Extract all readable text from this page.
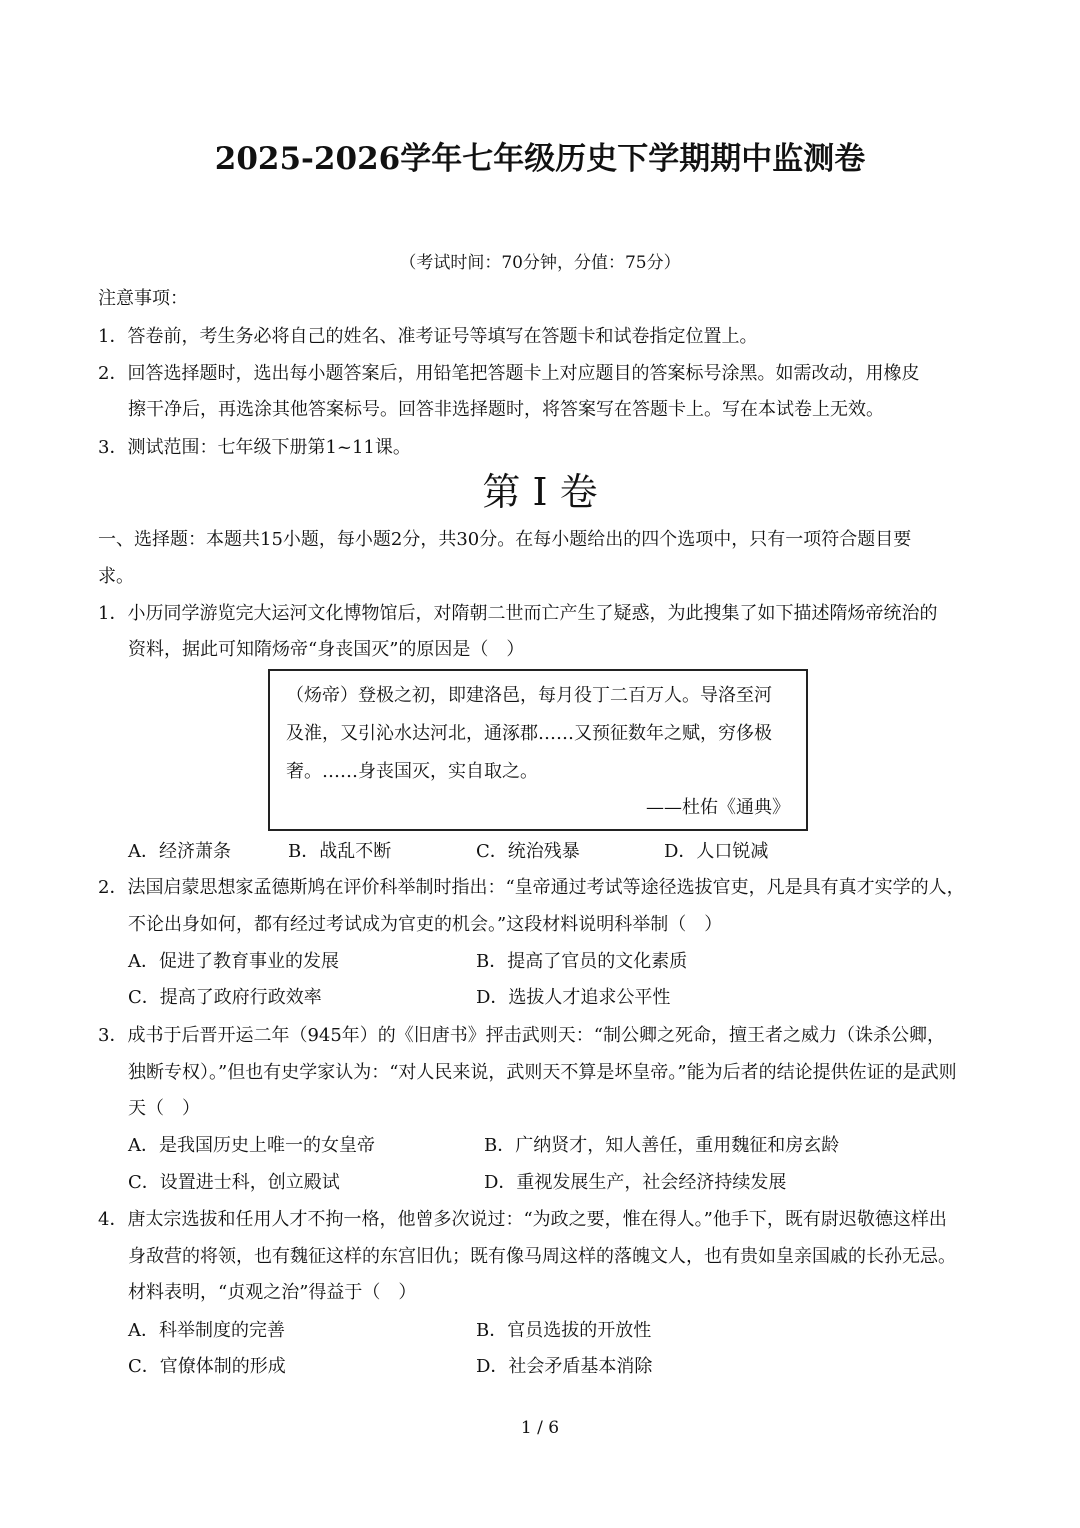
2025-2026学年七年级历史下学期期中监测卷
（考试时间：70分钟，分值：75分）
注意事项：
1．答卷前，考生务必将自己的姓名、准考证号等填写在答题卡和试卷指定位置上。
2．回答选择题时，选出每小题答案后，用铅笔把答题卡上对应题目的答案标号涂黑。如需改动，用橡皮
擦干净后，再选涂其他答案标号。回答非选择题时，将答案写在答题卡上。写在本试卷上无效。
3．测试范围：七年级下册第1~11课。
第 I 卷
一、选择题：本题共15小题，每小题2分，共30分。在每小题给出的四个选项中，只有一项符合题目要
求。
1．小历同学游览完大运河文化博物馆后，对隋朝二世而亡产生了疑惑，为此搜集了如下描述隋炀帝统治的
资料，据此可知隋炀帝“身丧国灭”的原因是（　）
（炀帝）登极之初，即建洛邑，每月役丁二百万人。导洛至河
及淮，又引沁水达河北，通涿郡……又预征数年之赋，穷侈极
奢。……身丧国灭，实自取之。
——杜佑《通典》
A．经济萧条	B．战乱不断	C．统治残暴	D．人口锐减
2．法国启蒙思想家孟德斯鸠在评价科举制时指出：“皇帝通过考试等途径选拔官吏，凡是具有真才实学的人，
不论出身如何，都有经过考试成为官吏的机会。”这段材料说明科举制（　）
A．促进了教育事业的发展	B．提高了官员的文化素质
C．提高了政府行政效率	D．选拔人才追求公平性
3．成书于后晋开运二年（945年）的《旧唐书》抨击武则天：“制公卿之死命，擅王者之威力（诛杀公卿，
独断专权）。”但也有史学家认为：“对人民来说，武则天不算是坏皇帝。”能为后者的结论提供佐证的是武则
天（　）
A．是我国历史上唯一的女皇帝	B．广纳贤才，知人善任，重用魏征和房玄龄
C．设置进士科，创立殿试	D．重视发展生产，社会经济持续发展
4．唐太宗选拔和任用人才不拘一格，他曾多次说过：“为政之要，惟在得人。”他手下，既有尉迟敬德这样出
身敌营的将领，也有魏征这样的东宫旧仇；既有像马周这样的落魄文人，也有贵如皇亲国戚的长孙无忌。
材料表明，“贞观之治”得益于（　）
A．科举制度的完善	B．官员选拔的开放性
C．官僚体制的形成	D．社会矛盾基本消除
1 / 6
